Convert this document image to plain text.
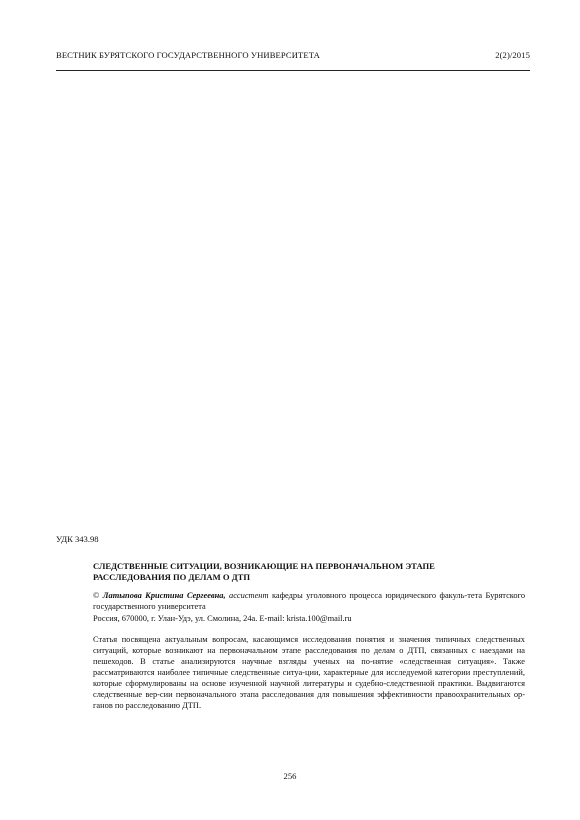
ВЕСТНИК БУРЯТСКОГО ГОСУДАРСТВЕННОГО УНИВЕРСИТЕТА	2(2)/2015
УДК 343.98
СЛЕДСТВЕННЫЕ СИТУАЦИИ, ВОЗНИКАЮЩИЕ НА ПЕРВОНАЧАЛЬНОМ ЭТАПЕ РАССЛЕДОВАНИЯ ПО ДЕЛАМ О ДТП
© Латыпова Кристина Сергеевна, ассистент кафедры уголовного процесса юридического факуль-тета Бурятского государственного университета
Россия, 670000, г. Улан-Удэ, ул. Смолина, 24а. E-mail: krista.100@mail.ru
Статья посвящена актуальным вопросам, касающимся исследования понятия и значения типичных следственных ситуаций, которые возникают на первоначальном этапе расследования по делам о ДТП, связанных с наездами на пешеходов. В статье анализируются научные взгляды ученых на по-нятие «следственная ситуация». Также рассматриваются наиболее типичные следственные ситуа-ции, характерные для исследуемой категории преступлений, которые сформулированы на основе изученной научной литературы и судебно-следственной практики. Выдвигаются следственные вер-сии первоначального этапа расследования для повышения эффективности правоохранительных ор-ганов по расследованию ДТП.
256
